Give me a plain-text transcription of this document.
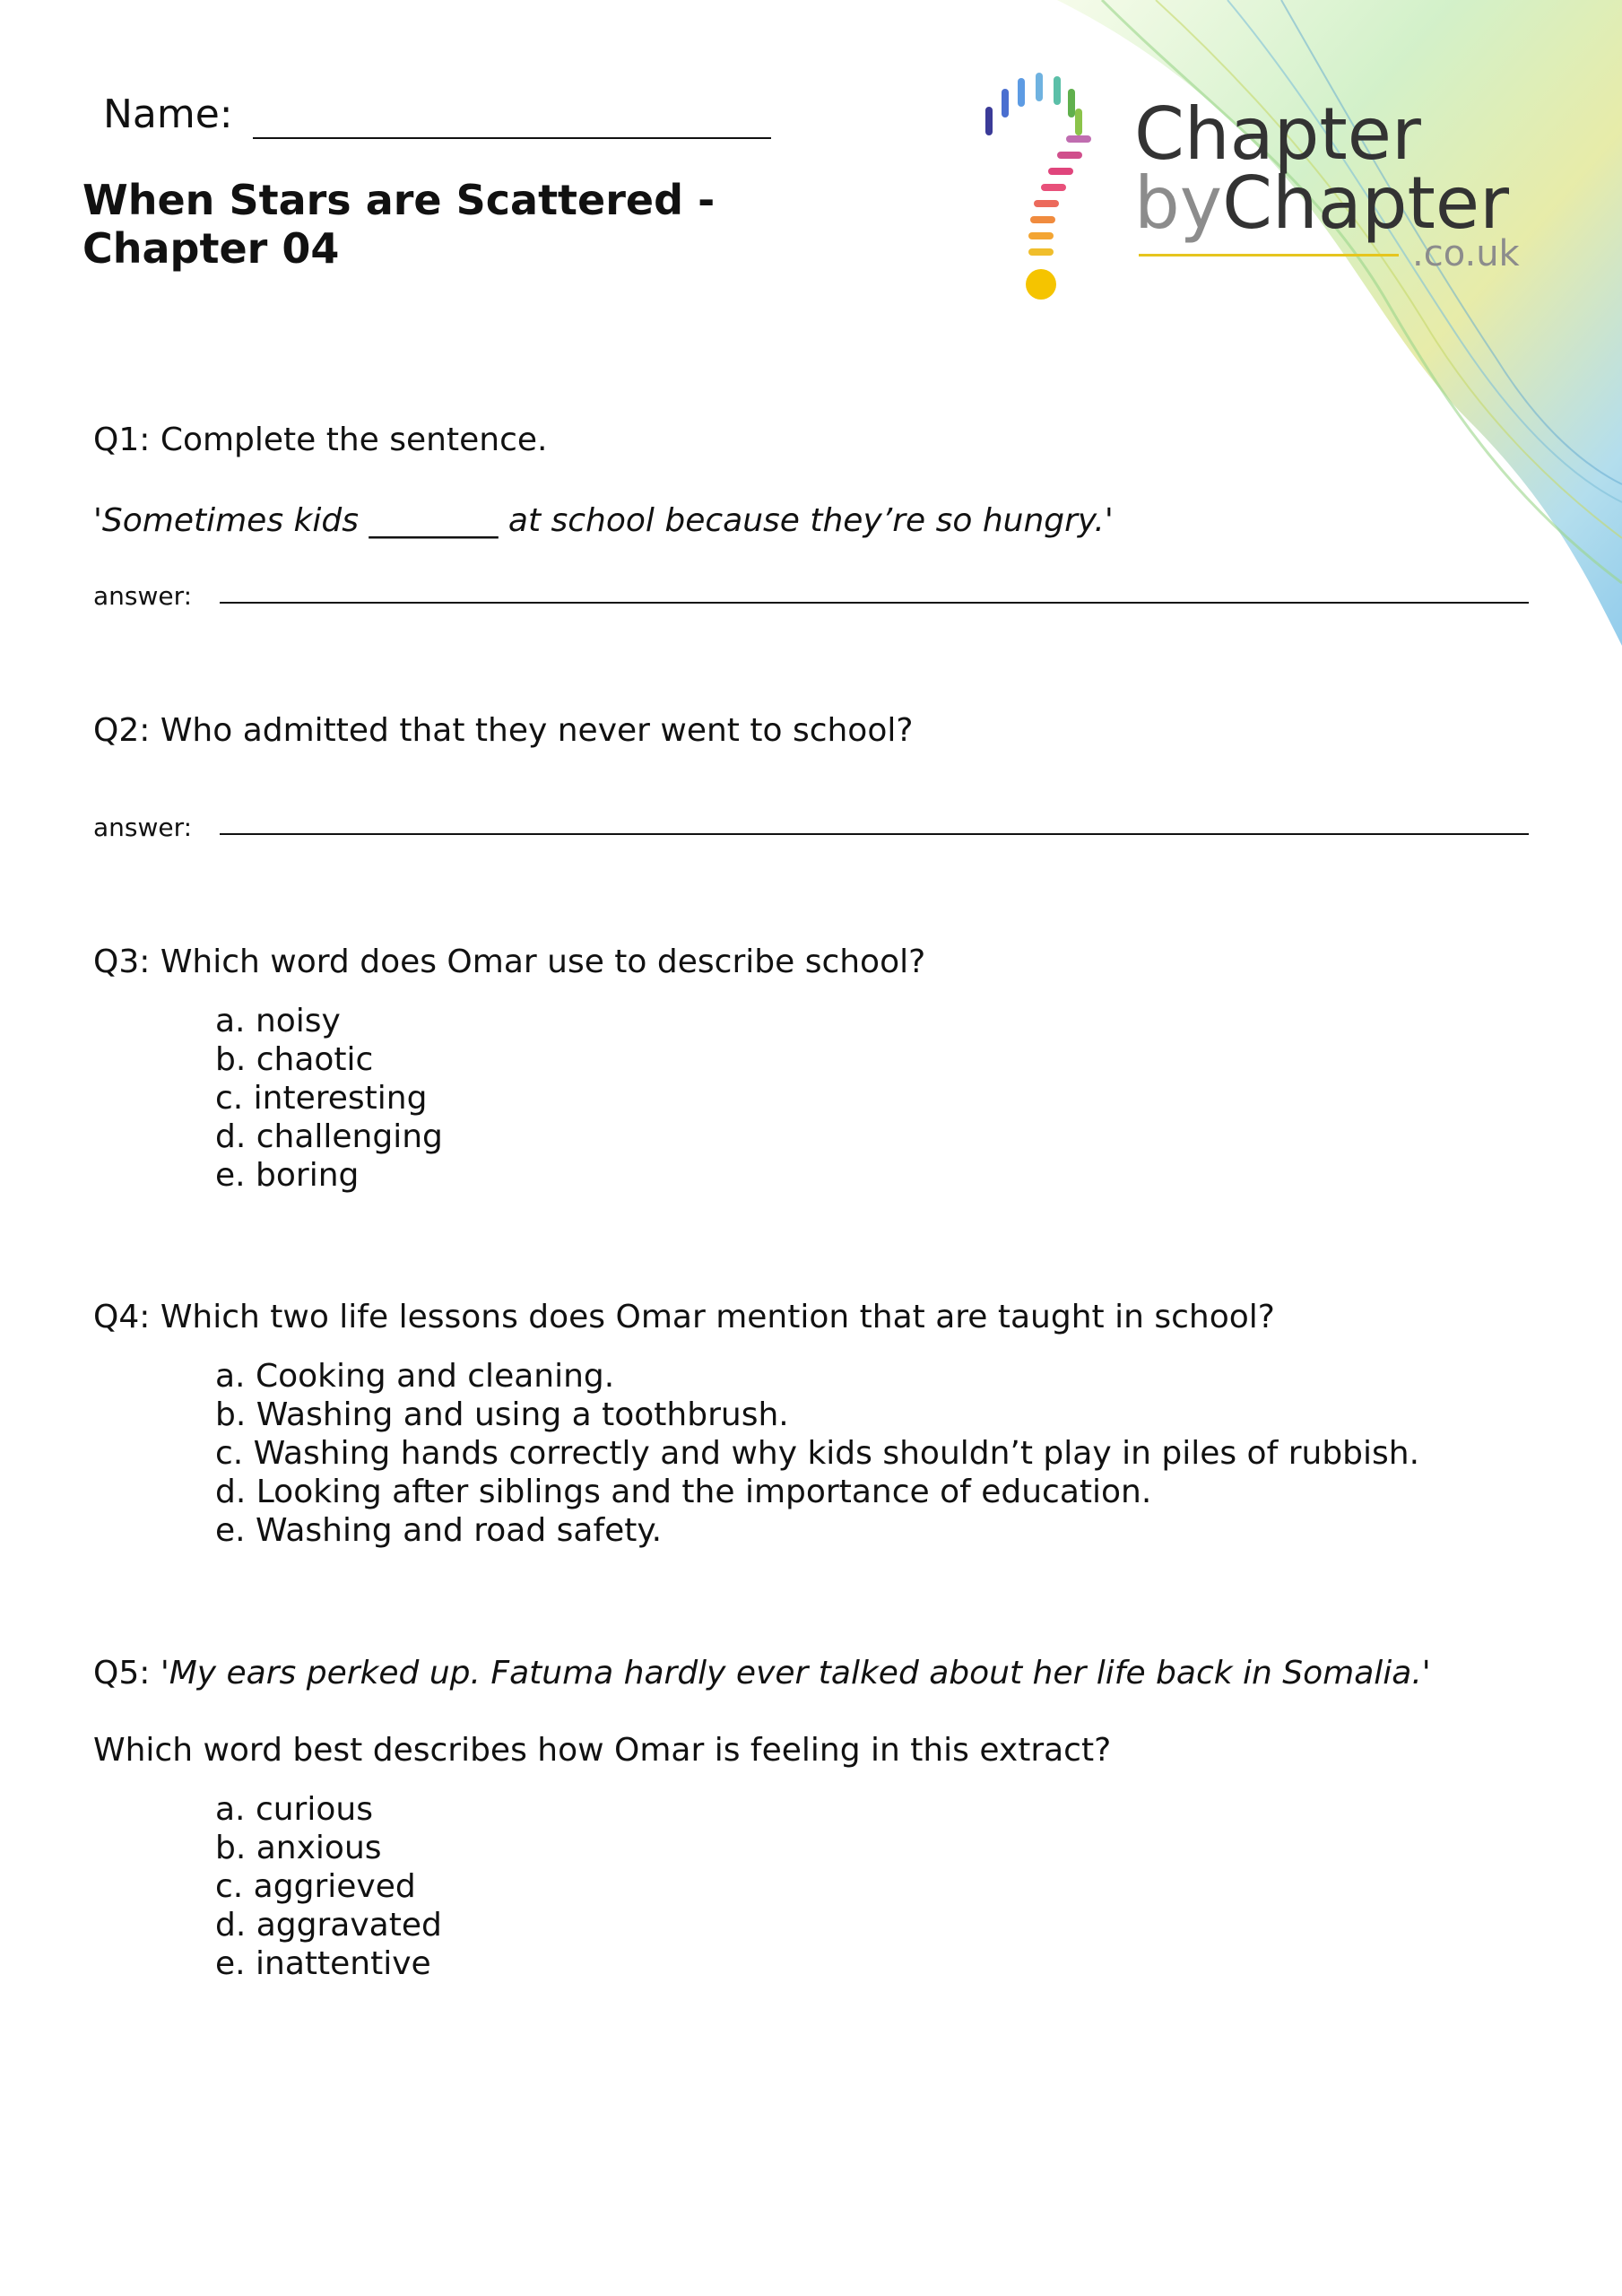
Chapter
byChapter
.co.uk
Name:
When Stars are Scattered - Chapter 04
Q1: Complete the sentence.
'Sometimes kids ________ at school because they’re so hungry.'
answer:
Q2: Who admitted that they never went to school?
answer:
Q3: Which word does Omar use to describe school?
a. noisy
b. chaotic
c. interesting
d. challenging
e. boring
Q4: Which two life lessons does Omar mention that are taught in school?
a. Cooking and cleaning.
b. Washing and using a toothbrush.
c. Washing hands correctly and why kids shouldn’t play in piles of rubbish.
d. Looking after siblings and the importance of education.
e. Washing and road safety.
Q5: 'My ears perked up. Fatuma hardly ever talked about her life back in Somalia.'
Which word best describes how Omar is feeling in this extract?
a. curious
b. anxious
c. aggrieved
d. aggravated
e. inattentive
